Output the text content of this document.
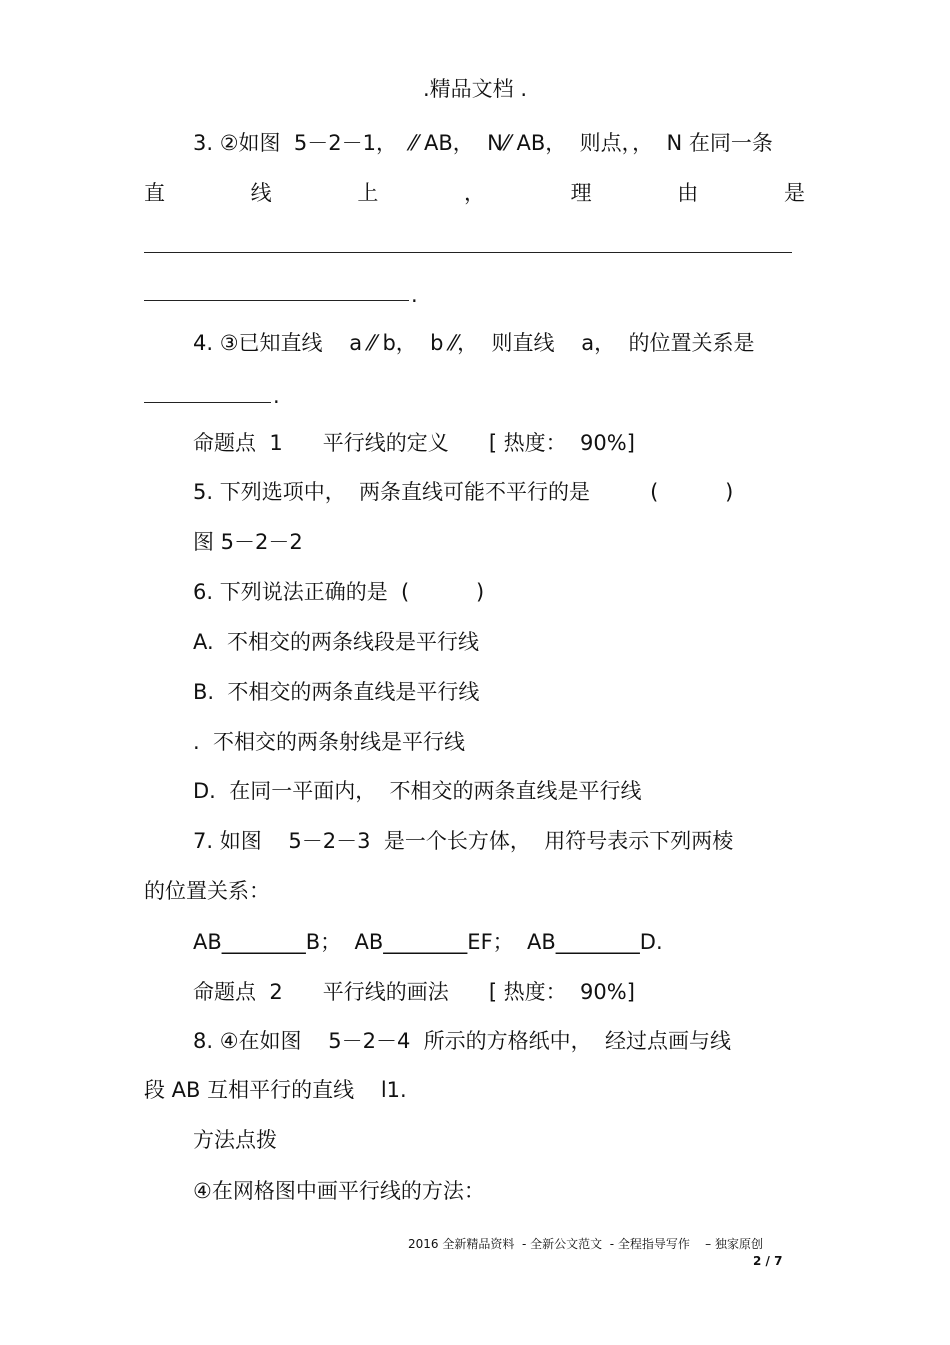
.精品文档 .
3. ②如图  5－2－1，  ⁄⁄ AB，  N⁄⁄ AB，  则点，，  N 在同一条
直	线	上	，	理	由	是
.
4. ③已知直线    a ⁄⁄ b，  b ⁄⁄，  则直线    a，  的位置关系是
.
命题点  1      平行线的定义      [ 热度：  90%]
5. 下列选项中，  两条直线可能不平行的是         (          )
图 5－2－2
6. 下列说法正确的是  (          )
A.  不相交的两条线段是平行线
B.  不相交的两条直线是平行线
.  不相交的两条射线是平行线
D.  在同一平面内，  不相交的两条直线是平行线
7. 如图    5－2－3  是一个长方体，  用符号表示下列两棱
的位置关系：
AB________B；  AB________EF；  AB________D.
命题点  2      平行线的画法      [ 热度：  90%]
8. ④在如图    5－2－4  所示的方格纸中，  经过点画与线
段 AB 互相平行的直线    l1.
方法点拨
④在网格图中画平行线的方法：
2016 全新精品资料  - 全新公文范文  - 全程指导写作    – 独家原创
2 / 7
